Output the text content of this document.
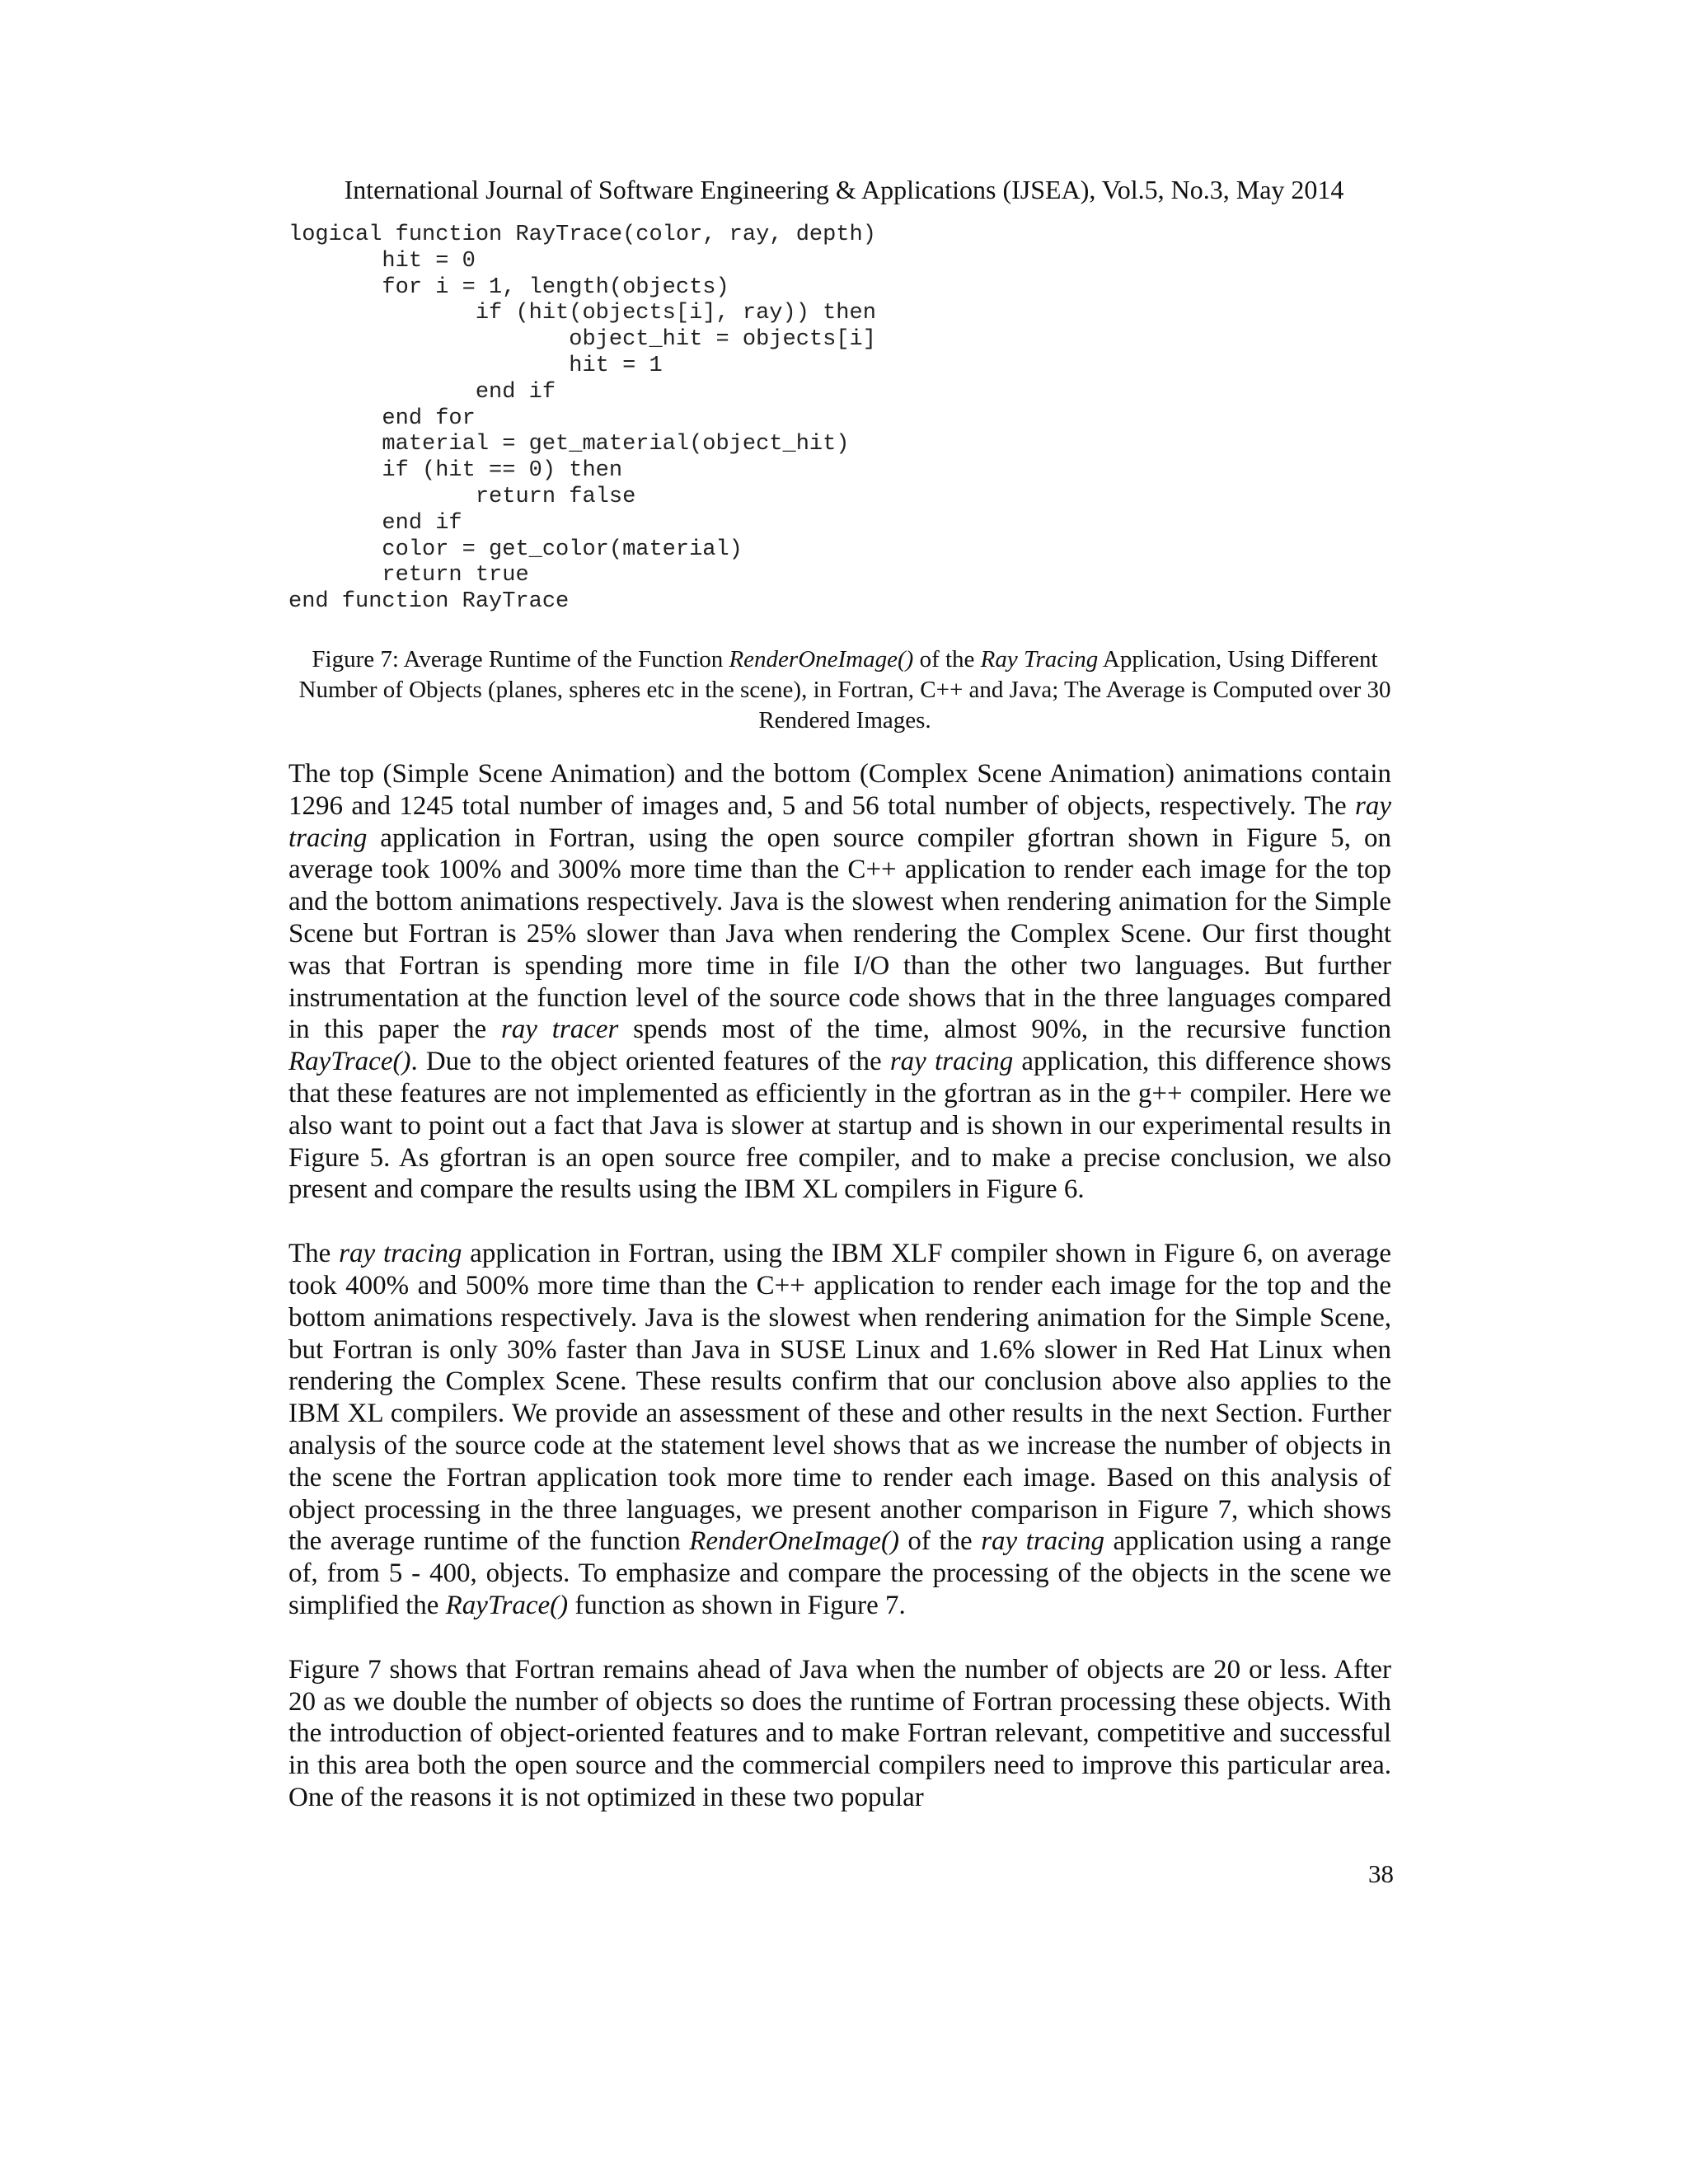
International Journal of Software Engineering & Applications (IJSEA), Vol.5, No.3, May 2014
logical function RayTrace(color, ray, depth)
hit = 0
for i = 1, length(objects)
if (hit(objects[i], ray)) then
object_hit = objects[i]
hit = 1
end if
end for
material = get_material(object_hit)
if (hit == 0) then
return false
end if
color = get_color(material)
return true
end function RayTrace
Figure 7: Average Runtime of the Function RenderOneImage() of the Ray Tracing Application, Using Different Number of Objects (planes, spheres etc in the scene), in Fortran, C++ and Java; The Average is Computed over 30 Rendered Images.

The top (Simple Scene Animation) and the bottom (Complex Scene Animation) animations contain 1296 and 1245 total number of images and, 5 and 56 total number of objects, respectively. The ray tracing application in Fortran, using the open source compiler gfortran shown in Figure 5, on average took 100% and 300% more time than the C++ application to render each image for the top and the bottom animations respectively. Java is the slowest when rendering animation for the Simple Scene but Fortran is 25% slower than Java when rendering the Complex Scene. Our first thought was that Fortran is spending more time in file I/O than the other two languages. But further instrumentation at the function level of the source code shows that in the three languages compared in this paper the ray tracer spends most of the time, almost 90%, in the recursive function RayTrace(). Due to the object oriented features of the ray tracing application, this difference shows that these features are not implemented as efficiently in the gfortran as in the g++ compiler. Here we also want to point out a fact that Java is slower at startup and is shown in our experimental results in Figure 5. As gfortran is an open source free compiler, and to make a precise conclusion, we also present and compare the results using the IBM XL compilers in Figure 6.

The ray tracing application in Fortran, using the IBM XLF compiler shown in Figure 6, on average took 400% and 500% more time than the C++ application to render each image for the top and the bottom animations respectively. Java is the slowest when rendering animation for the Simple Scene, but Fortran is only 30% faster than Java in SUSE Linux and 1.6% slower in Red Hat Linux when rendering the Complex Scene. These results confirm that our conclusion above also applies to the IBM XL compilers. We provide an assessment of these and other results in the next Section. Further analysis of the source code at the statement level shows that as we increase the number of objects in the scene the Fortran application took more time to render each image. Based on this analysis of object processing in the three languages, we present another comparison in Figure 7, which shows the average runtime of the function RenderOneImage() of the ray tracing application using a range of, from 5 - 400, objects. To emphasize and compare the processing of the objects in the scene we simplified the RayTrace() function as shown in Figure 7.

Figure 7 shows that Fortran remains ahead of Java when the number of objects are 20 or less. After 20 as we double the number of objects so does the runtime of Fortran processing these objects. With the introduction of object-oriented features and to make Fortran relevant, competitive and successful in this area both the open source and the commercial compilers need to improve this particular area. One of the reasons it is not optimized in these two popular

38
